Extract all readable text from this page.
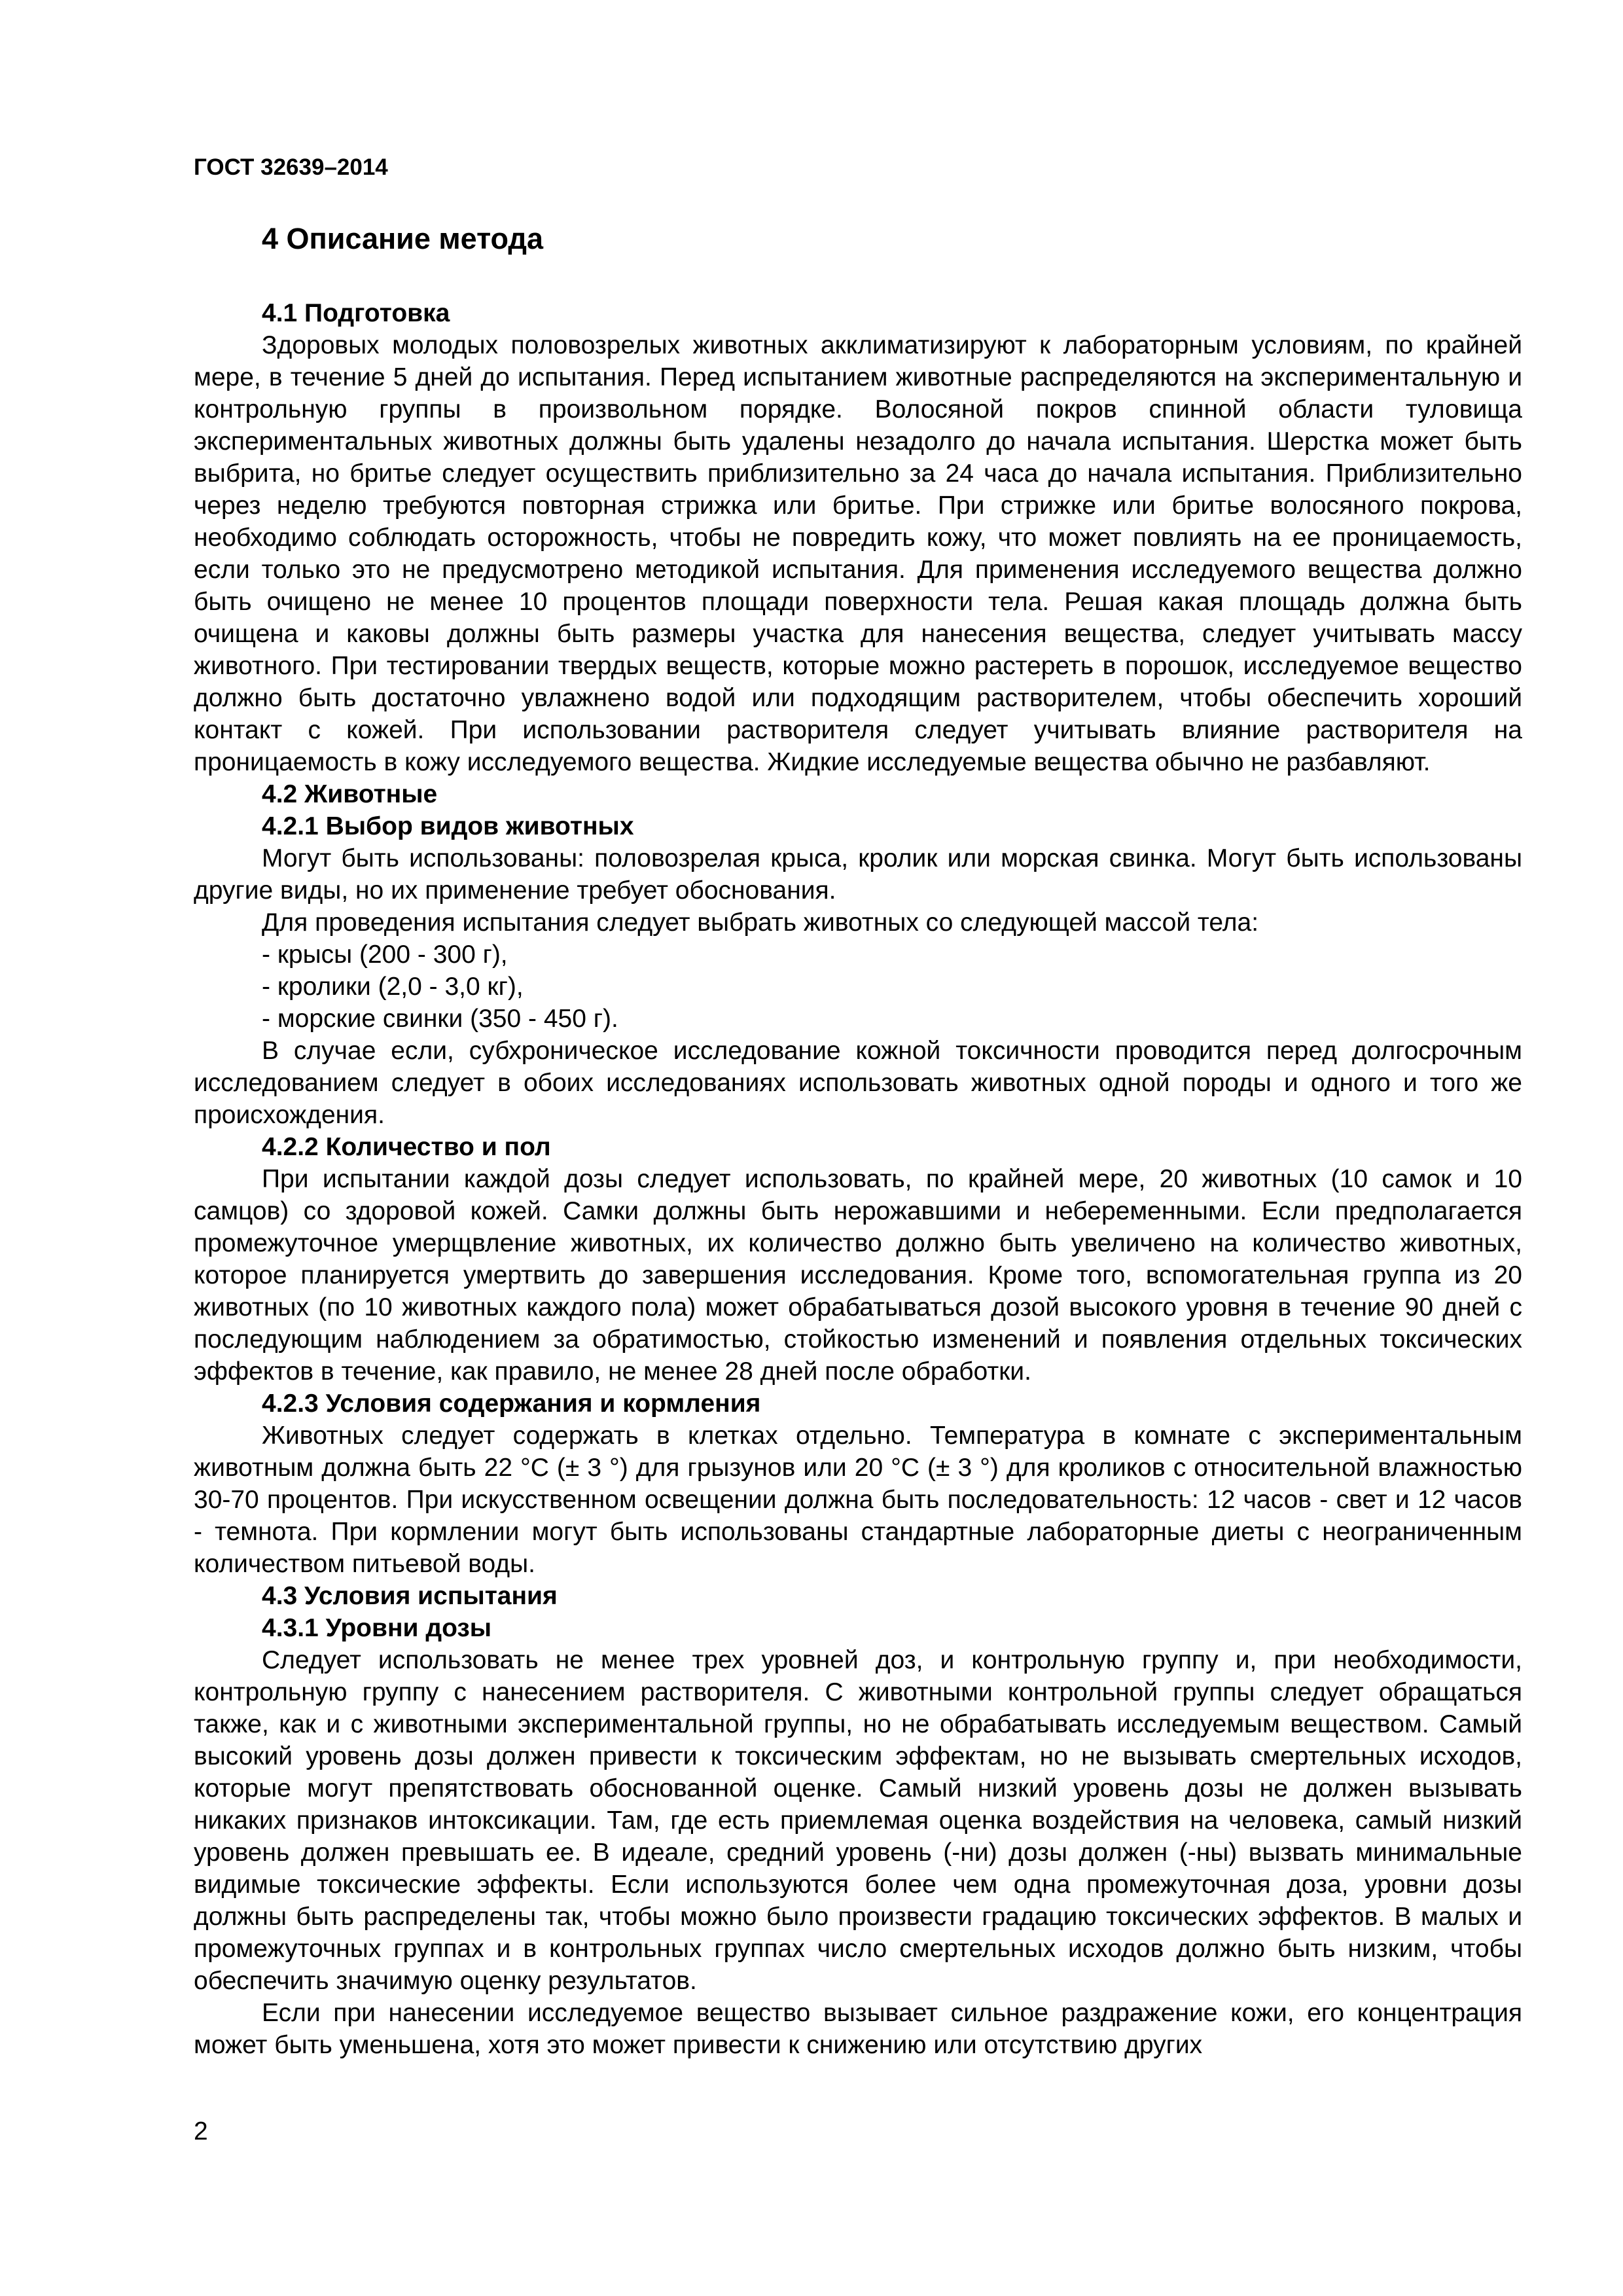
ГОСТ 32639–2014
4 Описание метода

4.1 Подготовка

Здоровых молодых половозрелых животных акклиматизируют к лабораторным условиям, по крайней мере, в течение 5 дней до испытания. Перед испытанием животные распределяются на экспериментальную и контрольную группы в произвольном порядке. Волосяной покров спинной области туловища экспериментальных животных должны быть удалены незадолго до начала испытания. Шерстка может быть выбрита, но бритье следует осуществить приблизительно за 24 часа до начала испытания. Приблизительно через неделю требуются повторная стрижка или бритье. При стрижке или бритье волосяного покрова, необходимо соблюдать осторожность, чтобы не повредить кожу, что может повлиять на ее проницаемость, если только это не предусмотрено методикой испытания. Для применения исследуемого вещества должно быть очищено не менее 10 процентов площади поверхности тела. Решая какая площадь должна быть очищена и каковы должны быть размеры участка для нанесения вещества, следует учитывать массу животного. При тестировании твердых веществ, которые можно растереть в порошок, исследуемое вещество должно быть достаточно увлажнено водой или подходящим растворителем, чтобы обеспечить хороший контакт с кожей. При использовании растворителя следует учитывать влияние растворителя на проницаемость в кожу исследуемого вещества. Жидкие исследуемые вещества обычно не разбавляют.

4.2 Животные

4.2.1 Выбор видов животных

Могут быть использованы: половозрелая крыса, кролик или морская свинка. Могут быть использованы другие виды, но их применение требует обоснования.

Для проведения испытания следует выбрать животных со следующей массой тела:

- крысы (200 - 300 г),

- кролики (2,0 - 3,0 кг),

- морские свинки (350 - 450 г).

В случае если, субхроническое исследование кожной токсичности проводится перед долгосрочным исследованием следует в обоих исследованиях использовать животных одной породы и одного и того же происхождения.

4.2.2 Количество и пол

При испытании каждой дозы следует использовать, по крайней мере, 20 животных (10 самок и 10 самцов) со здоровой кожей. Самки должны быть нерожавшими и небеременными. Если предполагается промежуточное умерщвление животных, их количество должно быть увеличено на количество животных, которое планируется умертвить до завершения исследования. Кроме того, вспомогательная группа из 20 животных (по 10 животных каждого пола) может обрабатываться дозой высокого уровня в течение 90 дней с последующим наблюдением за обратимостью, стойкостью изменений и появления отдельных токсических эффектов в течение, как правило, не менее 28 дней после обработки.

4.2.3 Условия содержания и кормления

Животных следует содержать в клетках отдельно. Температура в комнате с экспериментальным животным должна быть 22 °С (± 3 °) для грызунов или 20 °С (± 3 °) для кроликов с относительной влажностью 30-70 процентов. При искусственном освещении должна быть последовательность: 12 часов - свет и 12 часов - темнота. При кормлении могут быть использованы стандартные лабораторные диеты с неограниченным количеством питьевой воды.

4.3 Условия испытания

4.3.1 Уровни дозы

Следует использовать не менее трех уровней доз, и контрольную группу и, при необходимости, контрольную группу с нанесением растворителя. С животными контрольной группы следует обращаться также, как и с животными экспериментальной группы, но не обрабатывать исследуемым веществом. Самый высокий уровень дозы должен привести к токсическим эффектам, но не вызывать смертельных исходов, которые могут препятствовать обоснованной оценке. Самый низкий уровень дозы не должен вызывать никаких признаков интоксикации. Там, где есть приемлемая оценка воздействия на человека, самый низкий уровень должен превышать ее. В идеале, средний уровень (-ни) дозы должен (-ны) вызвать минимальные видимые токсические эффекты. Если используются более чем одна промежуточная доза, уровни дозы должны быть распределены так, чтобы можно было произвести градацию токсических эффектов. В малых и промежуточных группах и в контрольных группах число смертельных исходов должно быть низким, чтобы обеспечить значимую оценку результатов.

Если при нанесении исследуемое вещество вызывает сильное раздражение кожи, его концентрация может быть уменьшена, хотя это может привести к снижению или отсутствию других

2
